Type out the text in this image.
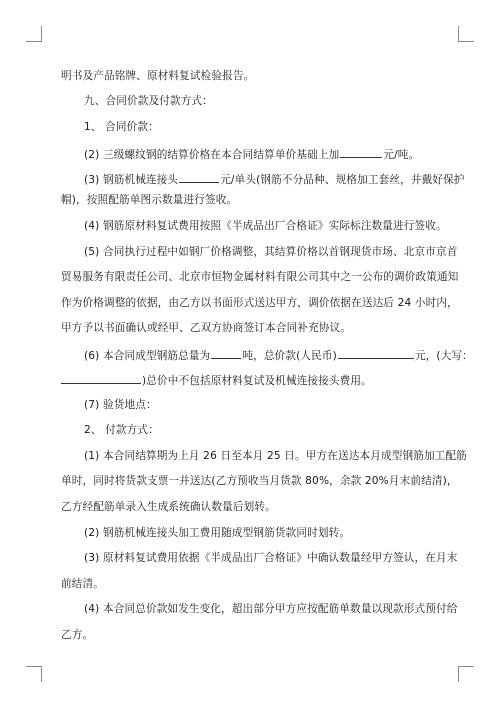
明书及产品铭牌、原材料复试检验报告。
九、合同价款及付款方式：
1、 合同价款：
(2) 三级螺纹钢的结算价格在本合同结算单价基础上加	元/吨。
(3) 钢筋机械连接头	元/单头(钢筋不分品种、规格加工套丝，并戴好保护
帽)，按照配筋单图示数量进行签收。
(4) 钢筋原材料复试费用按照《半成品出厂合格证》实际标注数量进行签收。
(5) 合同执行过程中如钢厂价格调整，其结算价格以首钢现货市场、北京市京首
贸易服务有限责任公司、北京市恒物金属材料有限公司其中之一公布的调价政策通知
作为价格调整的依据，由乙方以书面形式送达甲方，调价依据在送达后 24 小时内，
甲方予以书面确认或经甲、乙双方协商签订本合同补充协议。
(6) 本合同成型钢筋总量为	吨，总价款(人民币)	元，(大写：
)总价中不包括原材料复试及机械连接接头费用。
(7) 验货地点：
2、 付款方式：
(1) 本合同结算期为上月 26 日至本月 25 日。甲方在送达本月成型钢筋加工配筋
单时，同时将货款支票一并送达(乙方预收当月货款 80%，余款 20%月末前结清)，
乙方经配筋单录入生成系统确认数量后划转。
(2) 钢筋机械连接头加工费用随成型钢筋货款同时划转。
(3) 原材料复试费用依据《半成品出厂合格证》中确认数量经甲方签认，在月末
前结清。
(4) 本合同总价款如发生变化，超出部分甲方应按配筋单数量以现款形式预付给
乙方。
